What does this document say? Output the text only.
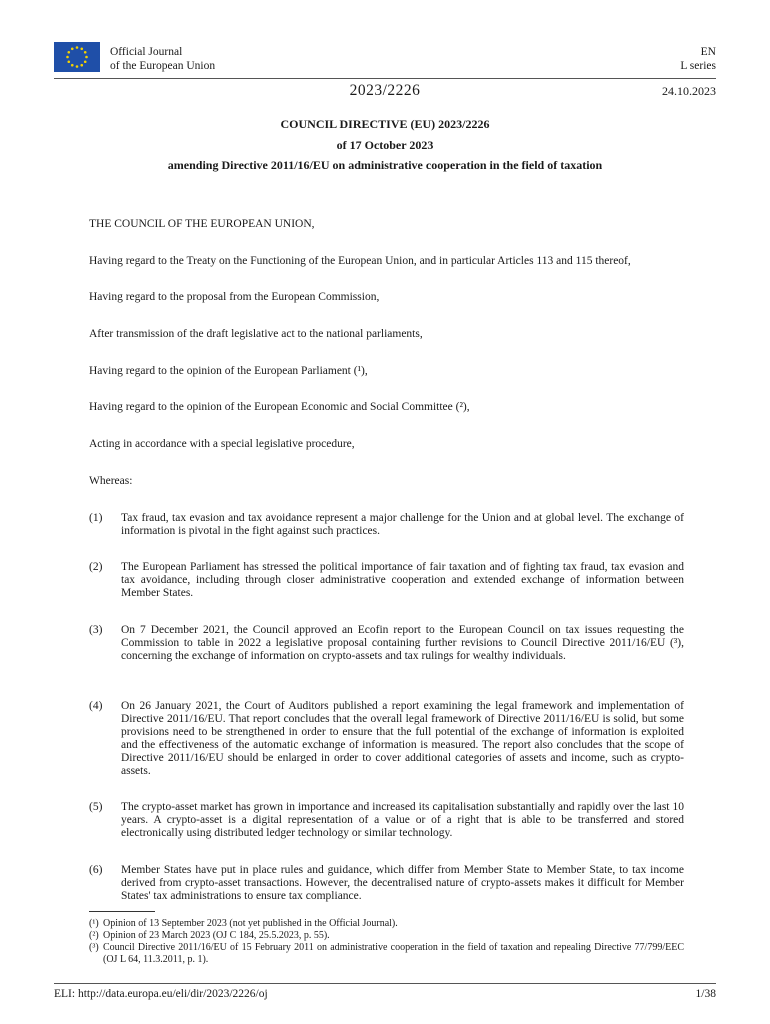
Official Journal
of the European Union
EN
L series
2023/2226	24.10.2023
COUNCIL DIRECTIVE (EU) 2023/2226
of 17 October 2023
amending Directive 2011/16/EU on administrative cooperation in the field of taxation
THE COUNCIL OF THE EUROPEAN UNION,
Having regard to the Treaty on the Functioning of the European Union, and in particular Articles 113 and 115 thereof,
Having regard to the proposal from the European Commission,
After transmission of the draft legislative act to the national parliaments,
Having regard to the opinion of the European Parliament (¹),
Having regard to the opinion of the European Economic and Social Committee (²),
Acting in accordance with a special legislative procedure,
Whereas:
(1) Tax fraud, tax evasion and tax avoidance represent a major challenge for the Union and at global level. The exchange of information is pivotal in the fight against such practices.
(2) The European Parliament has stressed the political importance of fair taxation and of fighting tax fraud, tax evasion and tax avoidance, including through closer administrative cooperation and extended exchange of information between Member States.
(3) On 7 December 2021, the Council approved an Ecofin report to the European Council on tax issues requesting the Commission to table in 2022 a legislative proposal containing further revisions to Council Directive 2011/16/EU (³), concerning the exchange of information on crypto-assets and tax rulings for wealthy individuals.
(4) On 26 January 2021, the Court of Auditors published a report examining the legal framework and implementation of Directive 2011/16/EU. That report concludes that the overall legal framework of Directive 2011/16/EU is solid, but some provisions need to be strengthened in order to ensure that the full potential of the exchange of information is exploited and the effectiveness of the automatic exchange of information is measured. The report also concludes that the scope of Directive 2011/16/EU should be enlarged in order to cover additional categories of assets and income, such as crypto-assets.
(5) The crypto-asset market has grown in importance and increased its capitalisation substantially and rapidly over the last 10 years. A crypto-asset is a digital representation of a value or of a right that is able to be transferred and stored electronically using distributed ledger technology or similar technology.
(6) Member States have put in place rules and guidance, which differ from Member State to Member State, to tax income derived from crypto-asset transactions. However, the decentralised nature of crypto-assets makes it difficult for Member States' tax administrations to ensure tax compliance.
(¹) Opinion of 13 September 2023 (not yet published in the Official Journal).
(²) Opinion of 23 March 2023 (OJ C 184, 25.5.2023, p. 55).
(³) Council Directive 2011/16/EU of 15 February 2011 on administrative cooperation in the field of taxation and repealing Directive 77/799/EEC (OJ L 64, 11.3.2011, p. 1).
ELI: http://data.europa.eu/eli/dir/2023/2226/oj	1/38
